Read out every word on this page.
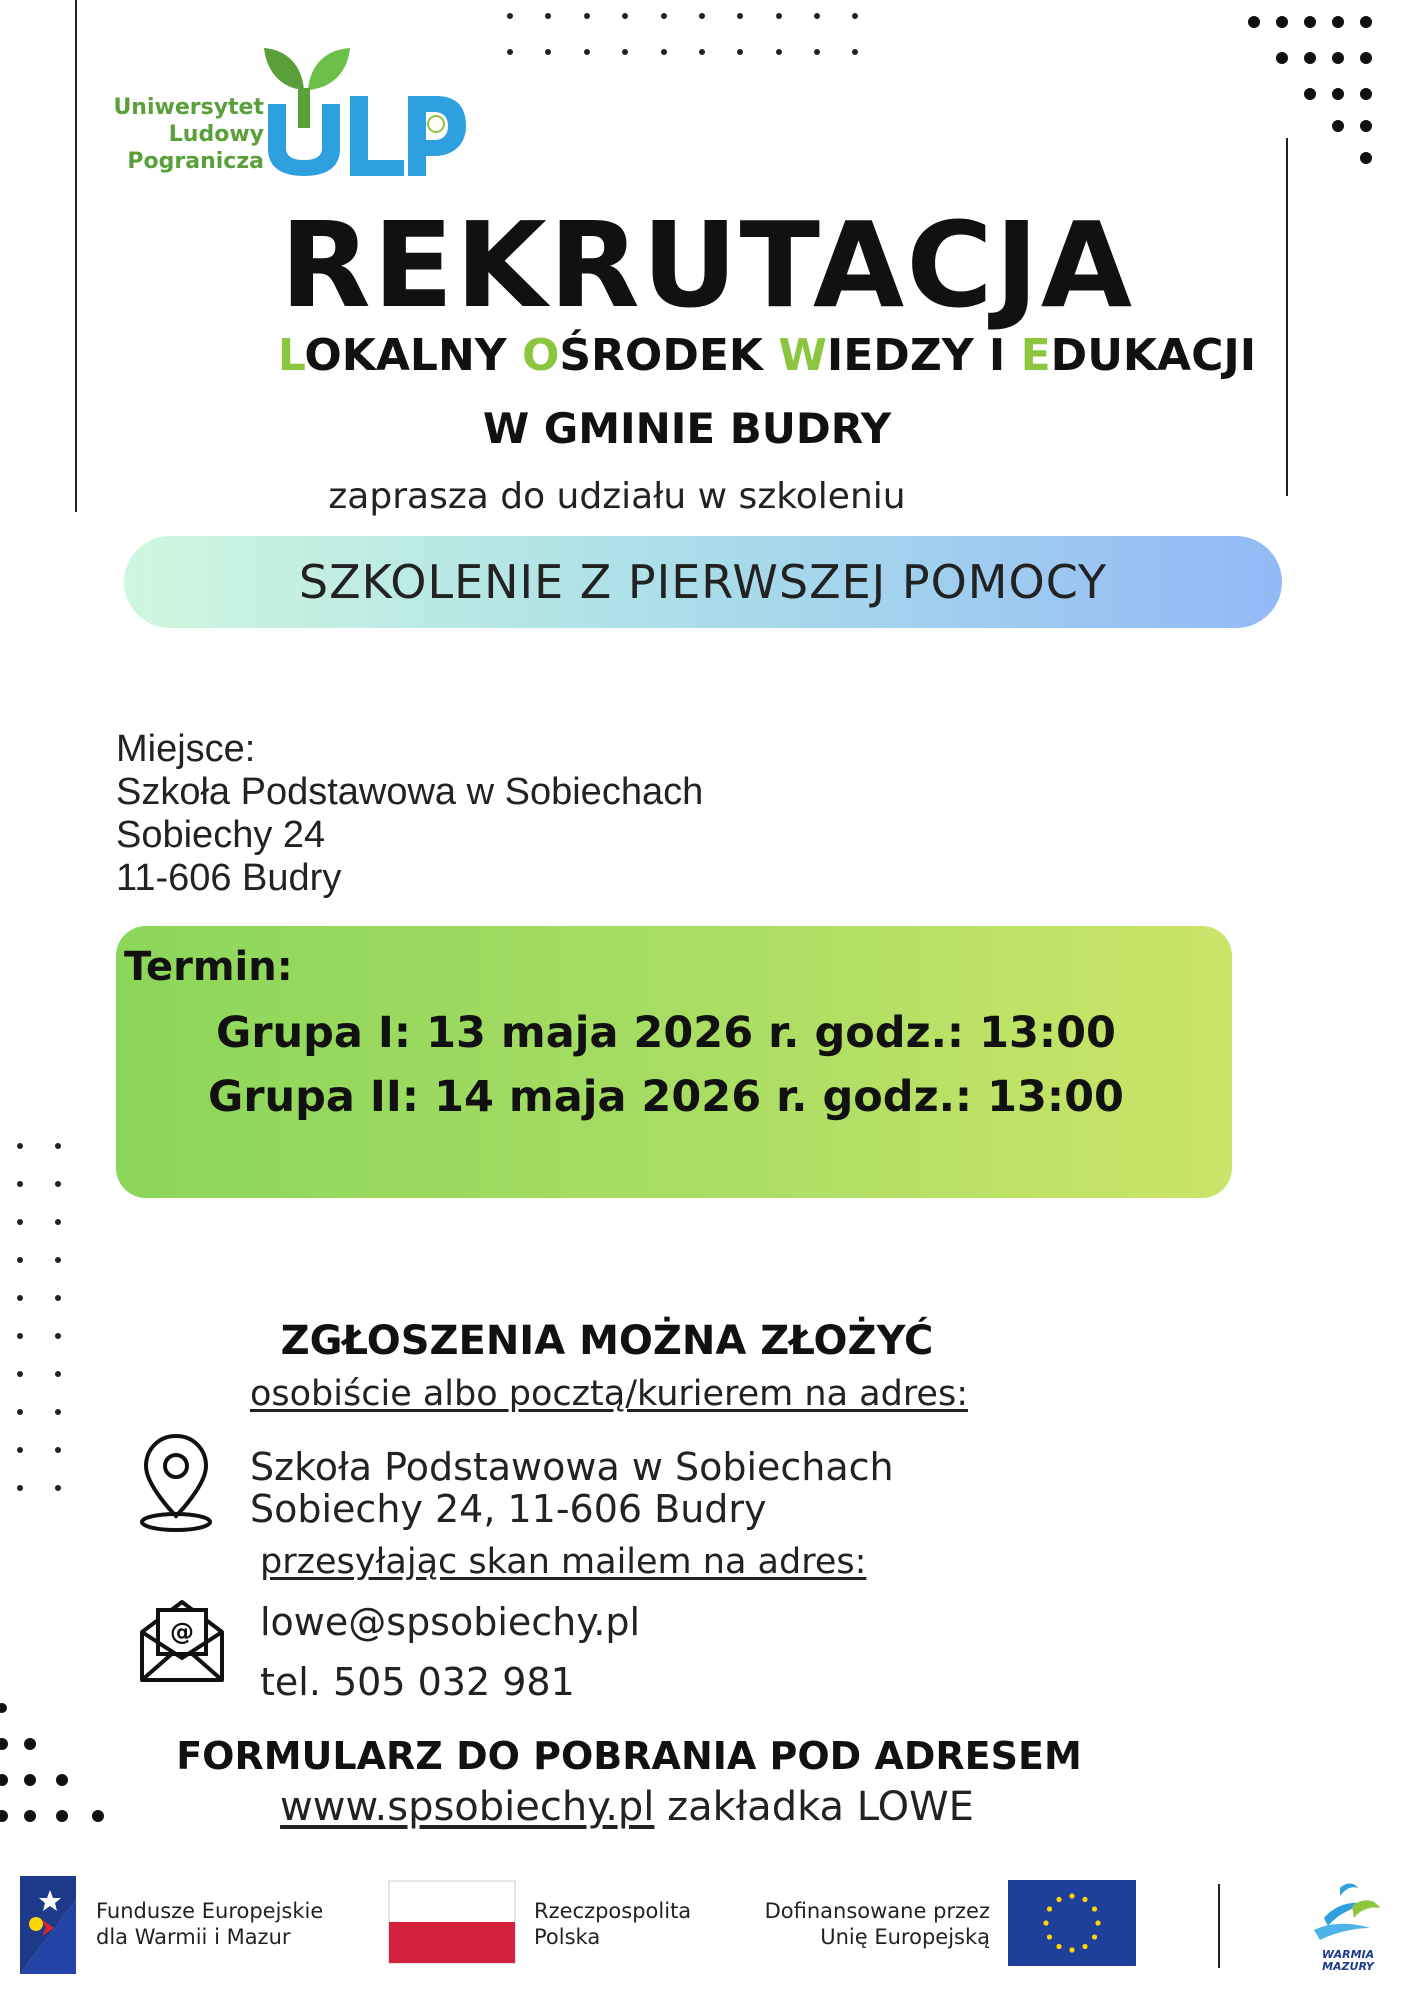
Uniwersytet
Ludowy
Pogranicza
REKRUTACJA
LOKALNY OŚRODEK WIEDZY I EDUKACJI
W GMINIE BUDRY
zaprasza do udziału w szkoleniu
SZKOLENIE Z PIERWSZEJ POMOCY
Miejsce:
Szkoła Podstawowa w Sobiechach
Sobiechy 24
11-606 Budry
Termin:
Grupa I: 13 maja 2026 r. godz.: 13:00
Grupa II: 14 maja 2026 r. godz.: 13:00
ZGŁOSZENIA MOŻNA ZŁOŻYĆ
osobiście albo pocztą/kurierem na adres:
Szkoła Podstawowa w Sobiechach
Sobiechy 24, 11-606 Budry
przesyłając skan mailem na adres:
@ lowe@spsobiechy.pl
tel. 505 032 981
FORMULARZ DO POBRANIA POD ADRESEM
www.spsobiechy.pl zakładka LOWE
Fundusze Europejskie
dla Warmii i Mazur
Rzeczpospolita
Polska
Dofinansowane przez
Unię Europejską
WARMIA
MAZURY
